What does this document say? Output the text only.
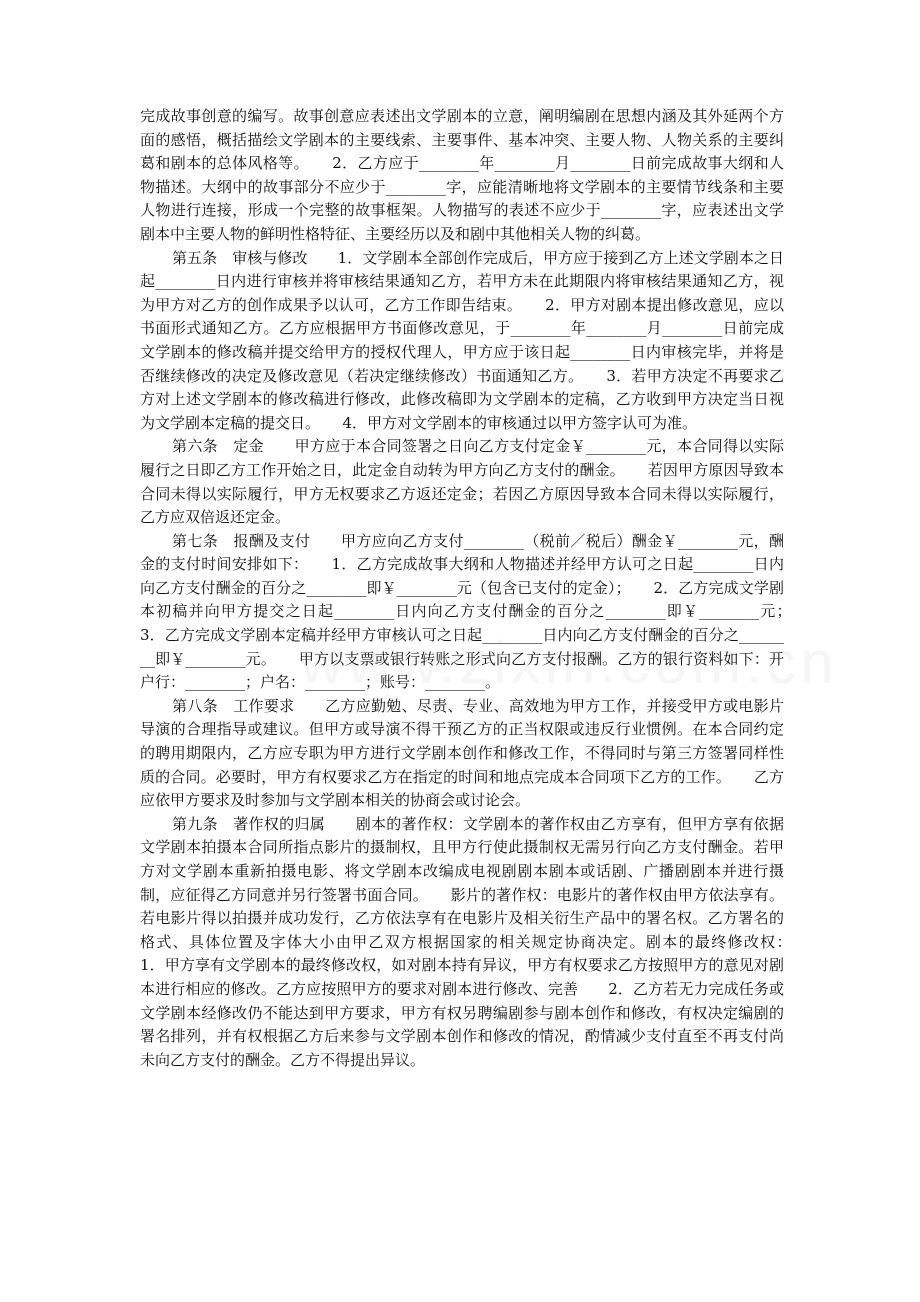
完成故事创意的编写。故事创意应表述出文学剧本的立意，阐明编剧在思想内涵及其外延两个方面的感悟，概括描绘文学剧本的主要线索、主要事件、基本冲突、主要人物、人物关系的主要纠葛和剧本的总体风格等。　　2．乙方应于________年________月________日前完成故事大纲和人物描述。大纲中的故事部分不应少于________字，应能清晰地将文学剧本的主要情节线条和主要人物进行连接，形成一个完整的故事框架。人物描写的表述不应少于________字，应表述出文学剧本中主要人物的鲜明性格特征、主要经历以及和剧中其他相关人物的纠葛。

第五条　审核与修改　　1．文学剧本全部创作完成后，甲方应于接到乙方上述文学剧本之日起________日内进行审核并将审核结果通知乙方，若甲方未在此期限内将审核结果通知乙方，视为甲方对乙方的创作成果予以认可，乙方工作即告结束。　　2．甲方对剧本提出修改意见，应以书面形式通知乙方。乙方应根据甲方书面修改意见，于________年________月________日前完成文学剧本的修改稿并提交给甲方的授权代理人，甲方应于该日起________日内审核完毕，并将是否继续修改的决定及修改意见（若决定继续修改）书面通知乙方。　　3．若甲方决定不再要求乙方对上述文学剧本的修改稿进行修改，此修改稿即为文学剧本的定稿，乙方收到甲方决定当日视为文学剧本定稿的提交日。　　4．甲方对文学剧本的审核通过以甲方签字认可为准。

第六条　定金　　甲方应于本合同签署之日向乙方支付定金￥________元，本合同得以实际履行之日即乙方工作开始之日，此定金自动转为甲方向乙方支付的酬金。　　若因甲方原因导致本合同未得以实际履行，甲方无权要求乙方返还定金；若因乙方原因导致本合同未得以实际履行，乙方应双倍返还定金。

第七条　报酬及支付　　甲方应向乙方支付________（税前／税后）酬金￥________元，酬金的支付时间安排如下：　　1．乙方完成故事大纲和人物描述并经甲方认可之日起________日内向乙方支付酬金的百分之________即￥________元（包含已支付的定金）；　　2．乙方完成文学剧本初稿并向甲方提交之日起________日内向乙方支付酬金的百分之________即￥________元；　　3．乙方完成文学剧本定稿并经甲方审核认可之日起________日内向乙方支付酬金的百分之________即￥________元。　　甲方以支票或银行转账之形式向乙方支付报酬。乙方的银行资料如下：开户行：________；户名：________；账号：________。

第八条　工作要求　　乙方应勤勉、尽责、专业、高效地为甲方工作，并接受甲方或电影片导演的合理指导或建议。但甲方或导演不得干预乙方的正当权限或违反行业惯例。在本合同约定的聘用期限内，乙方应专职为甲方进行文学剧本创作和修改工作，不得同时与第三方签署同样性质的合同。必要时，甲方有权要求乙方在指定的时间和地点完成本合同项下乙方的工作。　　乙方应依甲方要求及时参加与文学剧本相关的协商会或讨论会。

第九条　著作权的归属　　剧本的著作权：文学剧本的著作权由乙方享有，但甲方享有依据文学剧本拍摄本合同所指点影片的摄制权，且甲方行使此摄制权无需另行向乙方支付酬金。若甲方对文学剧本重新拍摄电影、将文学剧本改编成电视剧剧本剧本或话剧、广播剧剧本并进行摄制，应征得乙方同意并另行签署书面合同。　　影片的著作权：电影片的著作权由甲方依法享有。若电影片得以拍摄并成功发行，乙方依法享有在电影片及相关衍生产品中的署名权。乙方署名的格式、具体位置及字体大小由甲乙双方根据国家的相关规定协商决定。剧本的最终修改权：　　1．甲方享有文学剧本的最终修改权，如对剧本持有异议，甲方有权要求乙方按照甲方的意见对剧本进行相应的修改。乙方应按照甲方的要求对剧本进行修改、完善　　2．乙方若无力完成任务或文学剧本经修改仍不能达到甲方要求，甲方有权另聘编剧参与剧本创作和修改，有权决定编剧的署名排列，并有权根据乙方后来参与文学剧本创作和修改的情况，酌情减少支付直至不再支付尚未向乙方支付的酬金。乙方不得提出异议。
